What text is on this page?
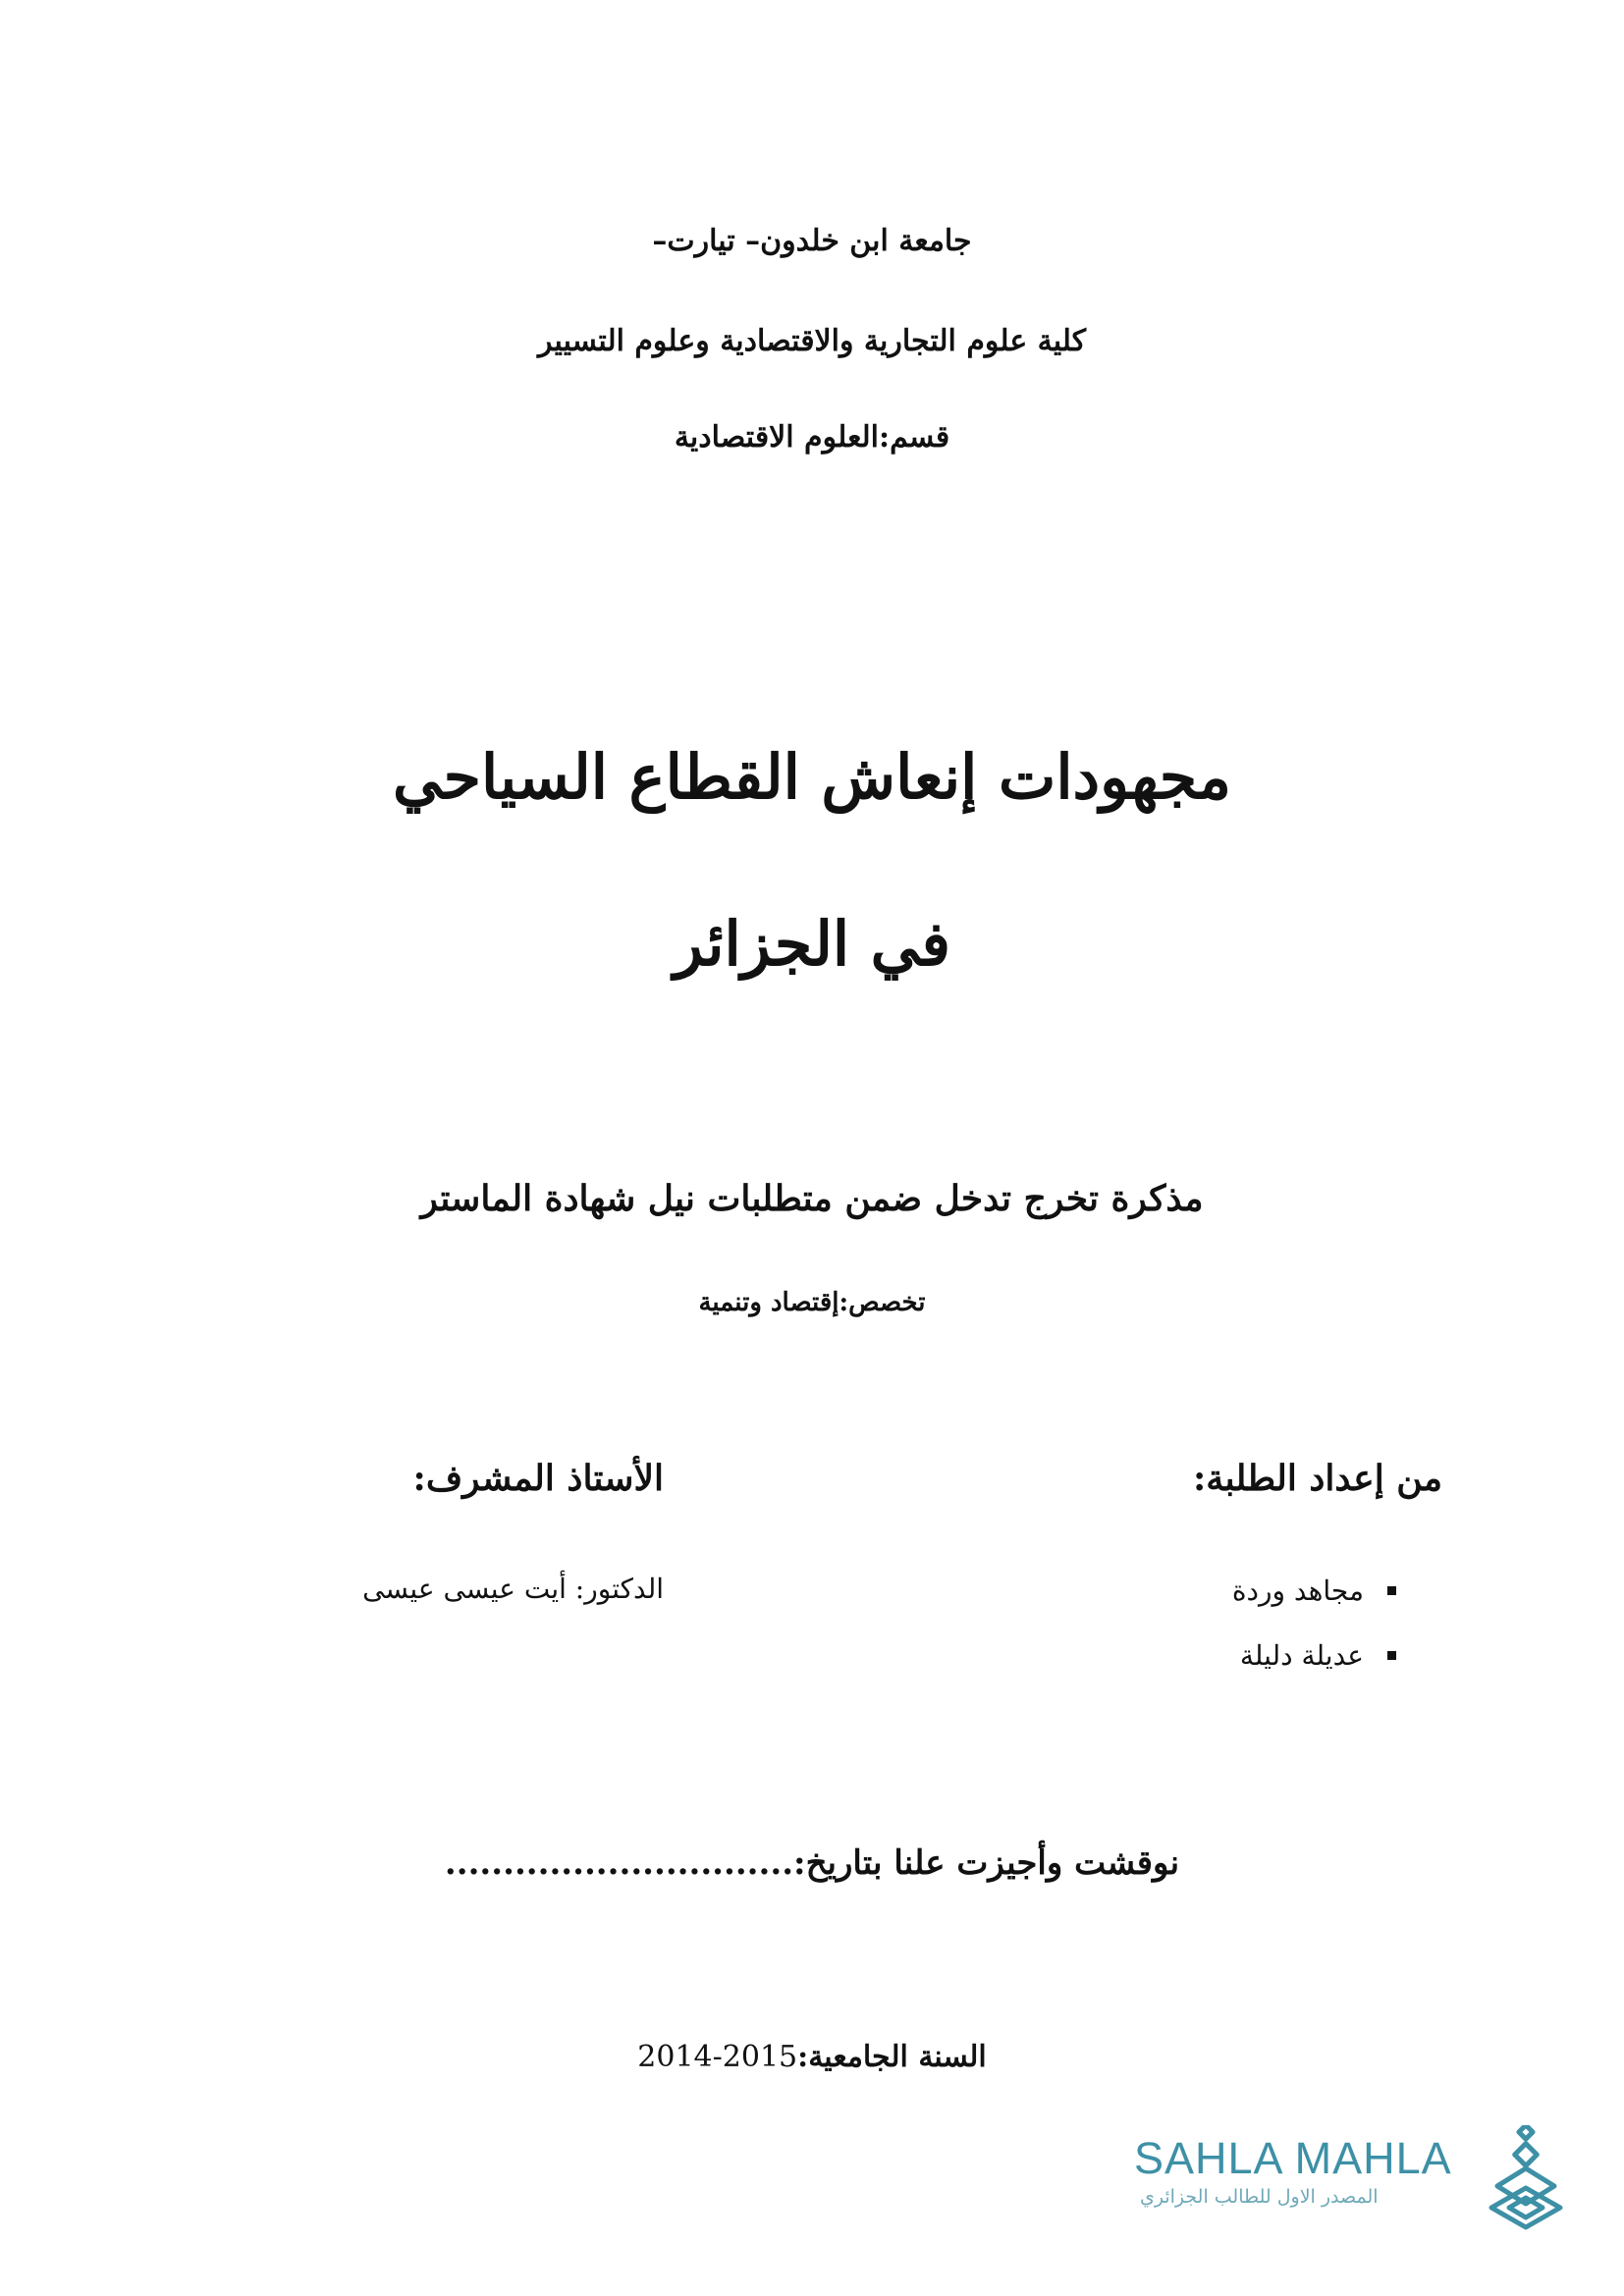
جامعة ابن خلدون– تيارت–
كلية علوم التجارية والاقتصادية وعلوم التسيير
قسم:العلوم الاقتصادية
مجهودات إنعاش القطاع السياحي
في الجزائر
مذكرة تخرج تدخل ضمن متطلبات نيل شهادة الماستر
تخصص:إقتصاد وتنمية
من إعداد الطلبة:
الأستاذ المشرف:
مجاهد وردة
عديلة دليلة
الدكتور: أيت عيسى عيسى
نوقشت وأجيزت علنا بتاريخ:..............................
السنة الجامعية:2014-2015
SAHLA MAHLA
المصدر الاول للطالب الجزائري
